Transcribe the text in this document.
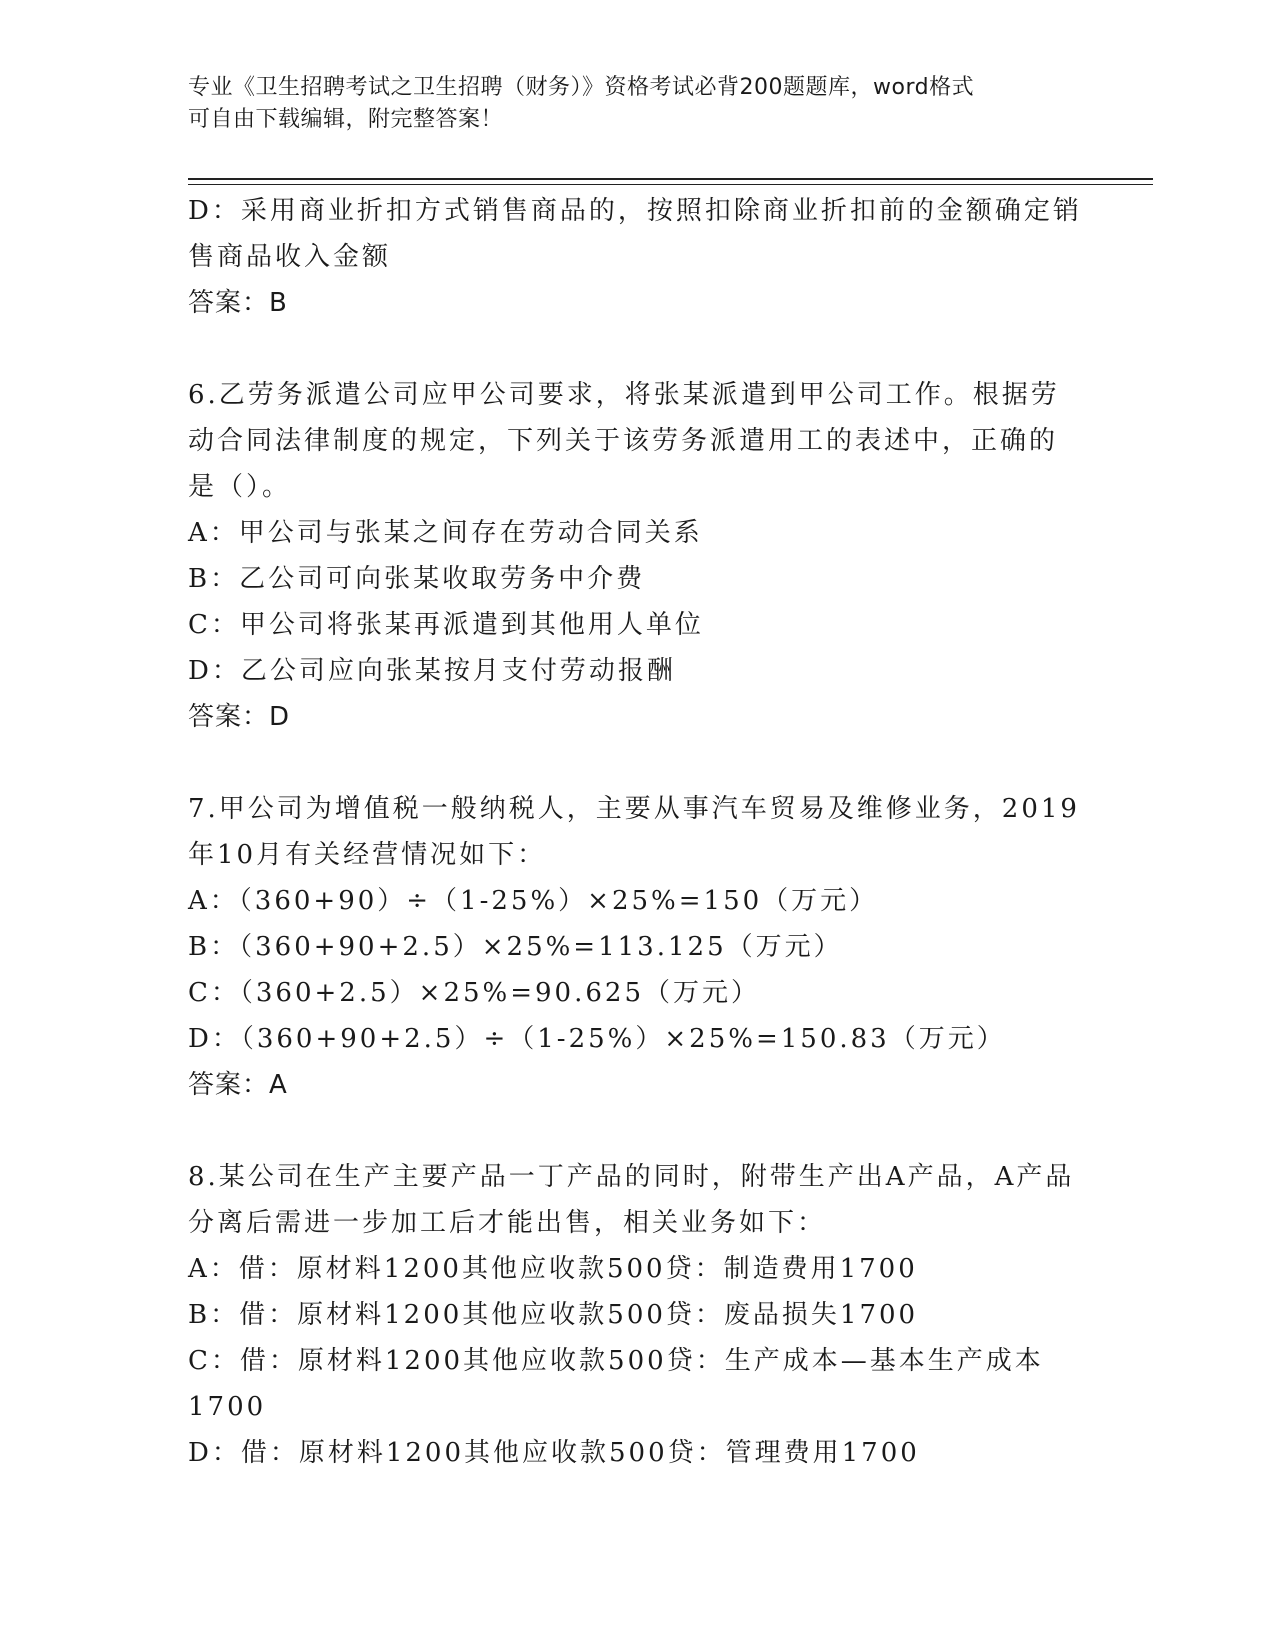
专业《卫生招聘考试之卫生招聘（财务）》资格考试必背200题题库，word格式
可自由下载编辑，附完整答案！
D：采用商业折扣方式销售商品的，按照扣除商业折扣前的金额确定销
售商品收入金额
答案：B
6.乙劳务派遣公司应甲公司要求，将张某派遣到甲公司工作。根据劳
动合同法律制度的规定，下列关于该劳务派遣用工的表述中，正确的
是（）。
A：甲公司与张某之间存在劳动合同关系
B：乙公司可向张某收取劳务中介费
C：甲公司将张某再派遣到其他用人单位
D：乙公司应向张某按月支付劳动报酬
答案：D
7.甲公司为增值税一般纳税人，主要从事汽车贸易及维修业务，2019
年10月有关经营情况如下：
A：（360+90）÷（1-25%）×25%=150（万元）
B：（360+90+2.5）×25%=113.125（万元）
C：（360+2.5）×25%=90.625（万元）
D：（360+90+2.5）÷（1-25%）×25%=150.83（万元）
答案：A
8.某公司在生产主要产品一丁产品的同时，附带生产出A产品，A产品
分离后需进一步加工后才能出售，相关业务如下：
A：借：原材料1200其他应收款500贷：制造费用1700
B：借：原材料1200其他应收款500贷：废品损失1700
C：借：原材料1200其他应收款500贷：生产成本—基本生产成本
1700
D：借：原材料1200其他应收款500贷：管理费用1700
